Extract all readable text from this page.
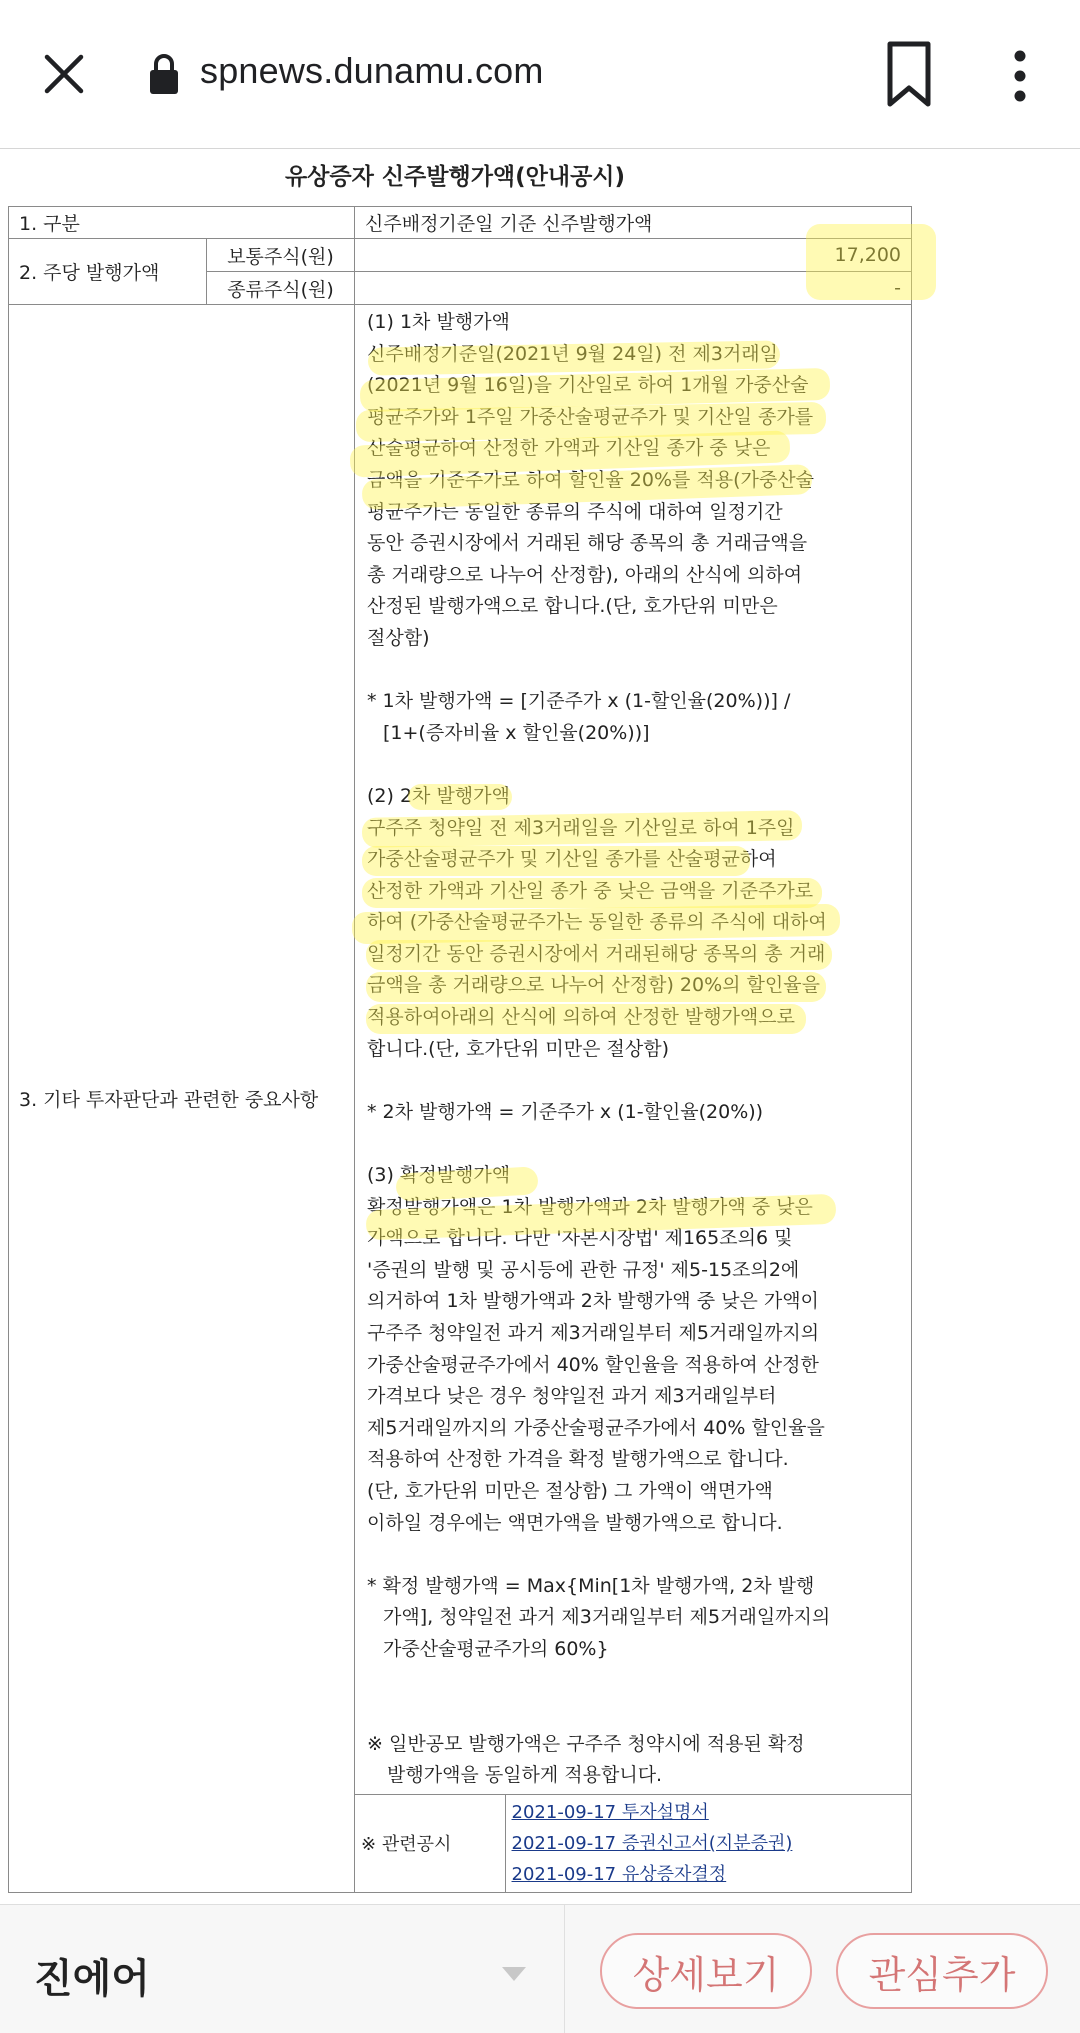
spnews.dunamu.com
유상증자 신주발행가액(안내공시)
1. 구분	신주배정기준일 기준 신주발행가액
2. 주당 발행가액	보통주식(원)	17,200
종류주식(원)	-
3. 기타 투자판단과 관련한 중요사항	

(1) 1차 발행가액

신주배정기준일(2021년 9월 24일) 전 제3거래일

(2021년 9월 16일)을 기산일로 하여 1개월 가중산술

평균주가와 1주일 가중산술평균주가 및 기산일 종가를

산술평균하여 산정한 가액과 기산일 종가 중 낮은

금액을 기준주가로 하여 할인율 20%를 적용(가중산술

평균주가는 동일한 종류의 주식에 대하여 일정기간

동안 증권시장에서 거래된 해당 종목의 총 거래금액을

총 거래량으로 나누어 산정함), 아래의 산식에 의하여

산정된 발행가액으로 합니다.(단, 호가단위 미만은

절상함)

* 1차 발행가액 = [기준주가 x (1-할인율(20%))] /

[1+(증자비율 x 할인율(20%))]

(2) 2차 발행가액

구주주 청약일 전 제3거래일을 기산일로 하여 1주일

가중산술평균주가 및 기산일 종가를 산술평균하여

산정한 가액과 기산일 종가 중 낮은 금액을 기준주가로

하여 (가중산술평균주가는 동일한 종류의 주식에 대하여

일정기간 동안 증권시장에서 거래된해당 종목의 총 거래

금액을 총 거래량으로 나누어 산정함) 20%의 할인율을

적용하여아래의 산식에 의하여 산정한 발행가액으로

합니다.(단, 호가단위 미만은 절상함)

* 2차 발행가액 = 기준주가 x (1-할인율(20%))

(3) 확정발행가액

확정발행가액은 1차 발행가액과 2차 발행가액 중 낮은

가액으로 합니다. 다만 '자본시장법' 제165조의6 및

'증권의 발행 및 공시등에 관한 규정' 제5-15조의2에

의거하여 1차 발행가액과 2차 발행가액 중 낮은 가액이

구주주 청약일전 과거 제3거래일부터 제5거래일까지의

가중산술평균주가에서 40% 할인율을 적용하여 산정한

가격보다 낮은 경우 청약일전 과거 제3거래일부터

제5거래일까지의 가중산술평균주가에서 40% 할인율을

적용하여 산정한 가격을 확정 발행가액으로 합니다.

(단, 호가단위 미만은 절상함) 그 가액이 액면가액

이하일 경우에는 액면가액을 발행가액으로 합니다.

* 확정 발행가액 = Max{Min[1차 발행가액, 2차 발행

가액], 청약일전 과거 제3거래일부터 제5거래일까지의

가중산술평균주가의 60%}

※ 일반공모 발행가액은 구주주 청약시에 적용된 확정

발행가액을 동일하게 적용합니다.

※ 관련공시	
2021-09-17 투자설명서
2021-09-17 증권신고서(지분증권)
2021-09-17 유상증자결정
진에어	상세보기	관심추가
